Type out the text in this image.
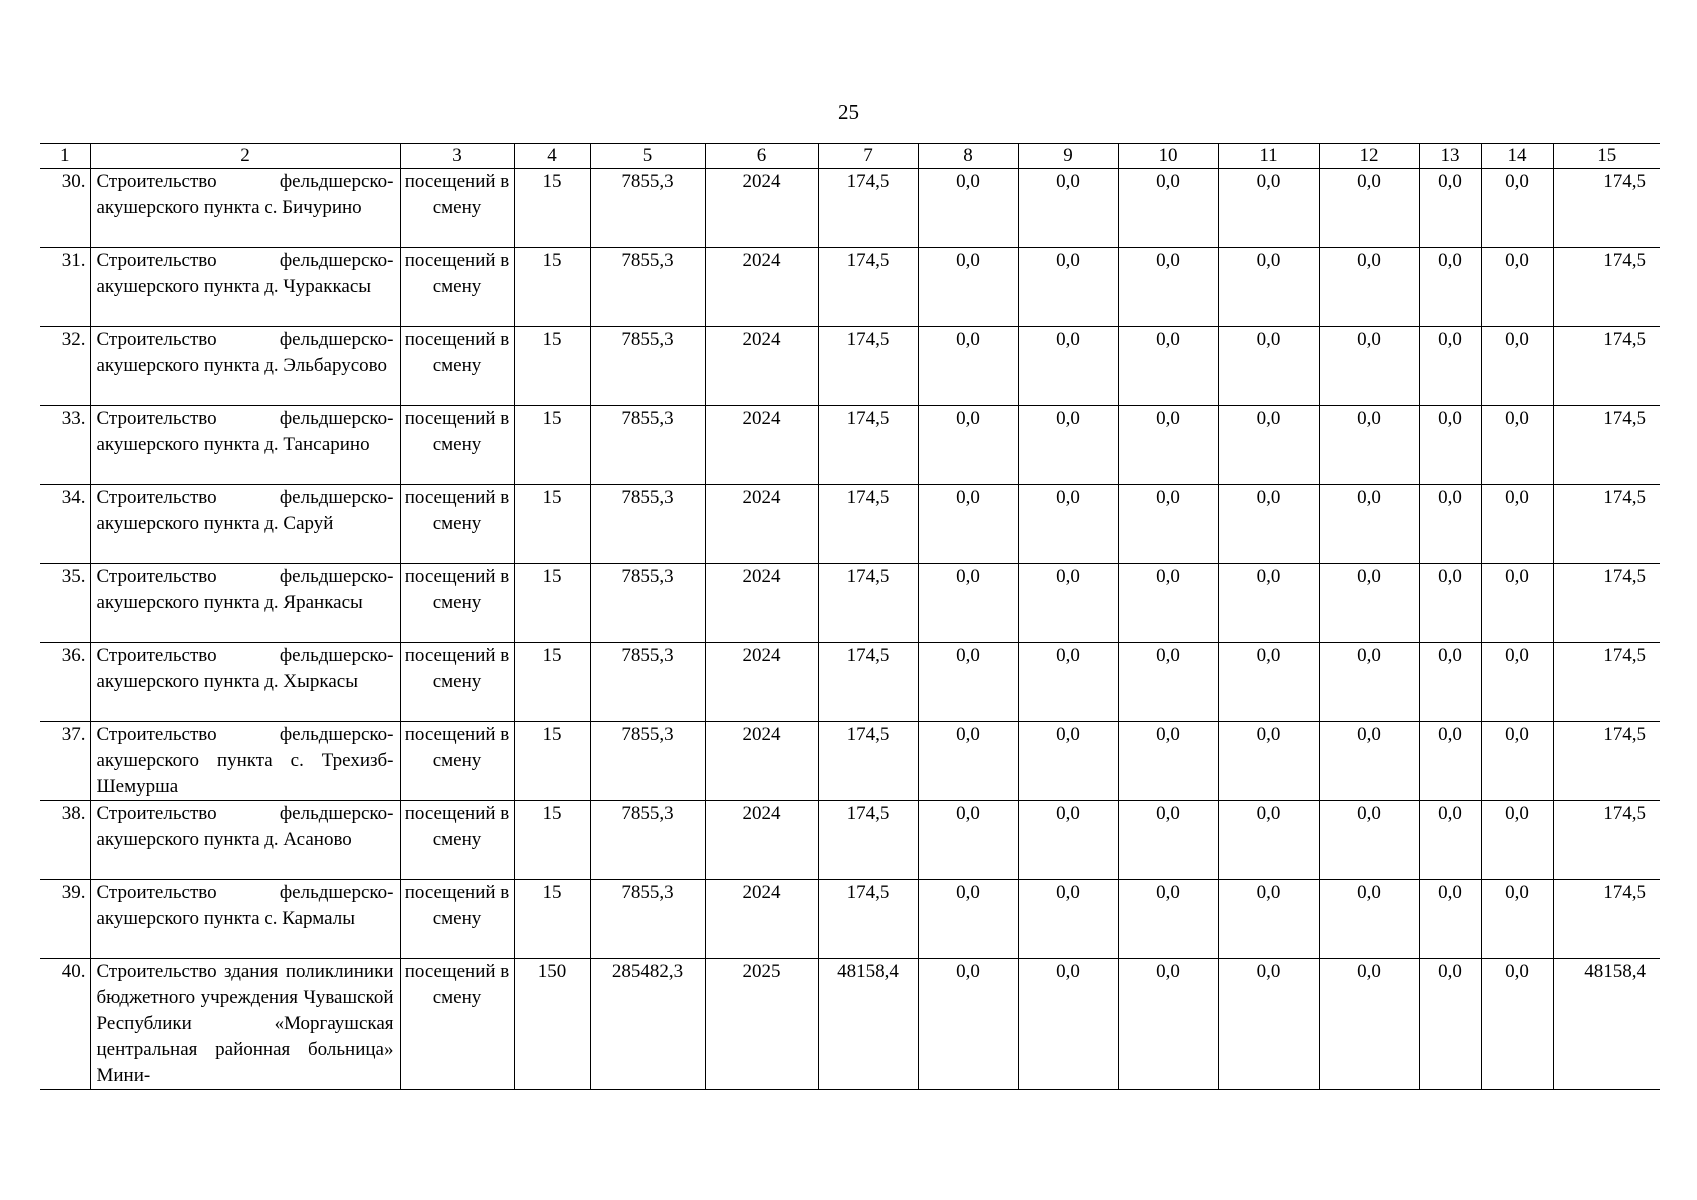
25
1	2	3	4	5	6	7	8	9	10	11	12	13	14	15
30.	Строительство фельдшерско-акушерского пункта с. Бичурино	посещений в смену	15	7855,3	2024	174,5	0,0	0,0	0,0	0,0	0,0	0,0	0,0	174,5
31.	Строительство фельдшерско-акушерского пункта д. Чураккасы	посещений в смену	15	7855,3	2024	174,5	0,0	0,0	0,0	0,0	0,0	0,0	0,0	174,5
32.	Строительство фельдшерско-акушерского пункта д. Эльбарусово	посещений в смену	15	7855,3	2024	174,5	0,0	0,0	0,0	0,0	0,0	0,0	0,0	174,5
33.	Строительство фельдшерско-акушерского пункта д. Тансарино	посещений в смену	15	7855,3	2024	174,5	0,0	0,0	0,0	0,0	0,0	0,0	0,0	174,5
34.	Строительство фельдшерско-акушерского пункта д. Саруй	посещений в смену	15	7855,3	2024	174,5	0,0	0,0	0,0	0,0	0,0	0,0	0,0	174,5
35.	Строительство фельдшерско-акушерского пункта д. Яранкасы	посещений в смену	15	7855,3	2024	174,5	0,0	0,0	0,0	0,0	0,0	0,0	0,0	174,5
36.	Строительство фельдшерско-акушерского пункта д. Хыркасы	посещений в смену	15	7855,3	2024	174,5	0,0	0,0	0,0	0,0	0,0	0,0	0,0	174,5
37.	Строительство фельдшерско-акушерского пункта с. Трехизб-Шемурша	посещений в смену	15	7855,3	2024	174,5	0,0	0,0	0,0	0,0	0,0	0,0	0,0	174,5
38.	Строительство фельдшерско-акушерского пункта д. Асаново	посещений в смену	15	7855,3	2024	174,5	0,0	0,0	0,0	0,0	0,0	0,0	0,0	174,5
39.	Строительство фельдшерско-акушерского пункта с. Кармалы	посещений в смену	15	7855,3	2024	174,5	0,0	0,0	0,0	0,0	0,0	0,0	0,0	174,5
40.	Строительство здания поликлиники бюджетного учреждения Чувашской Республики «Моргаушская центральная районная больница» Мини-	посещений в смену	150	285482,3	2025	48158,4	0,0	0,0	0,0	0,0	0,0	0,0	0,0	48158,4
